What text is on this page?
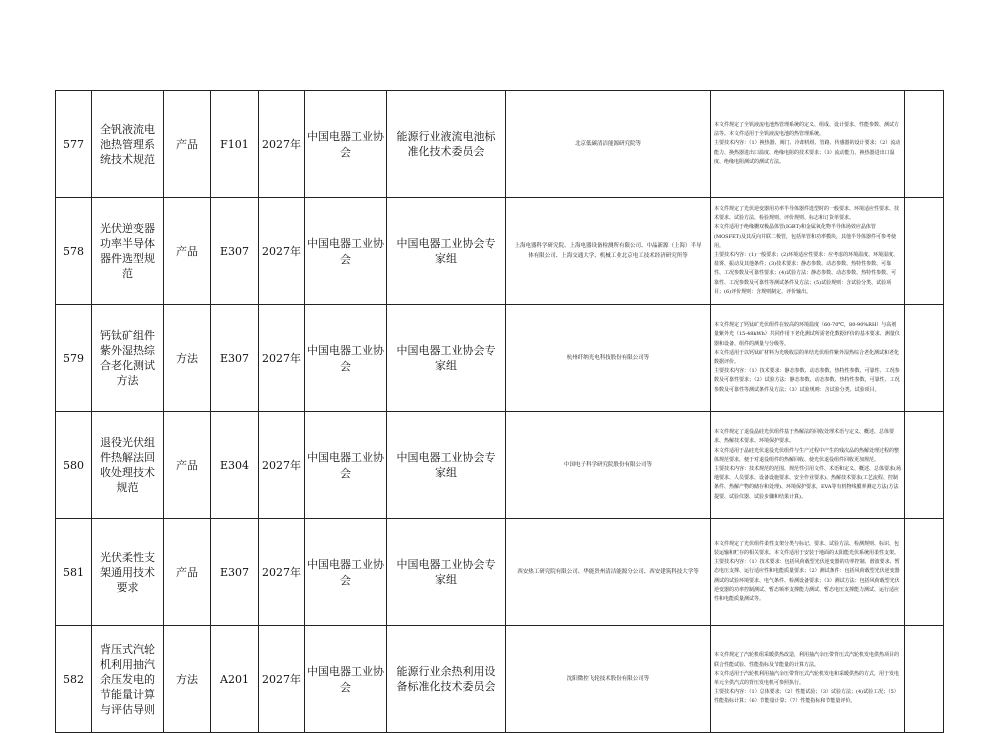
577	全钒液流电池热管理系统技术规范	产品	F101	2027年	中国电器工业协会	能源行业液流电池标准化技术委员会	北京低碳清洁能源研究院等	本文件规定了全钒液流电池热管理系统的定义、组成、设计要求、性能参数、测试方法等。本文件适用于全钒液流电池的热管理系统。
主要技术内容：（1）换热器、阀门、冷却机组、管路、传感器的设计要求；（2）流动能力、换热器进出口温度、绝缘电阻的技术要求；（3）流动能力、换热器进出口温度、绝缘电阻测试的测试方法。	

578	光伏逆变器功率半导体器件选型规范	产品	E307	2027年	中国电器工业协会	中国电器工业协会专家组	上海电器科学研究院、上海电器设备检测所有限公司、中晶新源（上海）半导体有限公司、上海交通大学、机械工业北京电工技术经济研究所等	本文件规定了光伏逆变器用功率半导体器件选型时的一般要求、环境适应性要求、技术要求、试验方法、检验规则、评价规则、标志和订货单要求。
本文件适用于绝缘栅双极晶体管(IGBT)和金属氧化物半导体场效应晶体管(MOSFET)及其反向并联二极管，包括单管和功率模块，其他半导体器件可参考使用。
主要技术内容：(1)一般要求；(2)环境适应性要求：应考虑的环境温度、环境湿度、盐雾、振动及其他条件；(3)技术要求：静态参数、动态参数、热特性参数、可靠性、工况参数及可靠性要求；(4)试验方法：静态参数、动态参数、热特性参数、可靠性、工况参数及可靠性等测试条件及方法；(5)试验规则：含试验分类、试验项目；(6)评价规则：含规则制定、评价输出。	

579	钙钛矿组件紫外湿热综合老化测试方法	方法	E307	2027年	中国电器工业协会	中国电器工业协会专家组	杭州纤纳光电科技股份有限公司等	本文件规定了钙钛矿光伏组件在较高的环境温度（60-70℃，80-90%RH）与高剂量紫外光（15-48kWh）共同作用下老化测试所需老化数据评价的基本要求、测量仪器和设备、组件的测量与分级等。
本文件适用于以钙钛矿材料为光吸收层的单结光伏组件紫外湿热综合老化测试和老化数据评价。
主要技术内容：（1）技术要求：静态参数、动态参数、热特性参数、可靠性、工况参数及可靠性要求；（2）试验方法：静态参数、动态参数、热特性参数、可靠性、工况参数及可靠性等测试条件及方法；（3）试验规则：含试验分类、试验项目。	

580	退役光伏组件热解法回收处理技术规范	产品	E304	2027年	中国电器工业协会	中国电器工业协会专家组	中国电子科学研究院股份有限公司等	本文件规定了退役晶硅光伏组件基于热解法的回收处理术语与定义、概述、总体要求、热解技术要求、环境保护要求。
本文件适用于晶硅光伏退役光伏组件与生产过程中产生的残次品的热解处理过程的整体规范要求，便于对退役组件的热解回收、使光伏退役组件回收更加规范。
主要技术内容：技术规范的范围、规范性引用文件、术语和定义、概述、总体要求(场地要求、人员要求、设备设施要求、安全作业要求)、热解技术要求(工艺流程、控制条件、热解产物的储存和处理)、环境保护要求，EVA等有机物线膜率测定方法(方法提要、试验仪器、试验步骤和结果计算)。	

581	光伏柔性支架通用技术要求	产品	E307	2027年	中国电器工业协会	中国电器工业协会专家组	西安热工研究院有限公司、华能贵州清洁能源分公司、西安建筑科技大学等	本文件规定了光伏组件柔性支架分类与标记、要求、试验方法、检测规则、标识、包装运输和贮存的相关要求。本文件适用于安装于地面的太阳能光伏系统用柔性支架。
主要技术内容：（1）技术要求：包括风荷载型光伏逆变器的功率控制、谐波要求、暂态电压支撑、运行适应性和电能质量要求；（2）测试条件：包括风荷载型光伏逆变器测试的试验环境要求、电气条件、检测设备要求；（3）测试方法：包括风荷载型光伏逆变器的功率控制测试、暂态频率支撑能力测试、暂态电压支撑能力测试、运行适应性和电能质量测试等。	

582	背压式汽轮机利用抽汽余压发电的节能量计算与评估导则	方法	A201	2027年	中国电器工业协会	能源行业余热利用设备标准化技术委员会	沈阳微控飞轮技术股份有限公司等	本文件规定了汽轮机组采暖供热改造，利用抽汽余压带背压式汽轮机发电供热项目的联合性能试验、性能指标及节能量的计算方法。
本文件适用于汽轮机利用抽汽余压带背压式汽轮机发电和采暖供热的方式，用于发电单元全供汽式的背压发电机可参照执行。
主要技术内容：（1）总体要求；（2）性能试验；（3）试验方法；(4)试验工况；（5）性能指标计算；（6）节能量计算；（7）性能指标和节能量评价。	
